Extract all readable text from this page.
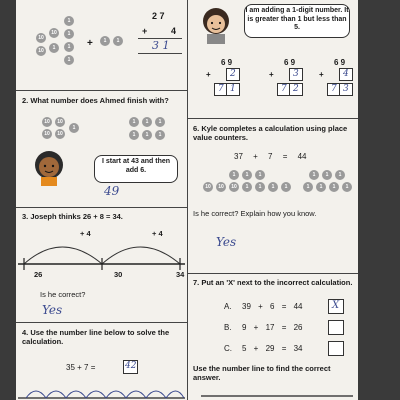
1
10
10	1
10	1	1
1
+	1	1
2 7
+	4
3 1
2. What number does Ahmed finish with?
10	10
10	10
1
1	1	1
1	1	1
I start at 43 and then add 6.
49
3. Joseph thinks 26 + 8 = 34.
+ 4	+ 4
26	30	34
Is he correct?
Yes
4. Use the number line below to solve the calculation.
35 + 7 =	42
I am adding a 1-digit number. It is greater than 1 but less than 5.
6 9
+ 2
7 1
6 9
+ 3
7 2
6 9
+ 4
7 3
6. Kyle completes a calculation using place value counters.
37 + 7 = 44
1	1	1
10	10	10	1	1	1	1
1	1	1
1	1	1	1
Is he correct? Explain how you know.
Yes
7. Put an 'X' next to the incorrect calculation.
A. 39 + 6 = 44	X
B. 9 + 17 = 26
C. 5 + 29 = 34
Use the number line to find the correct answer.
